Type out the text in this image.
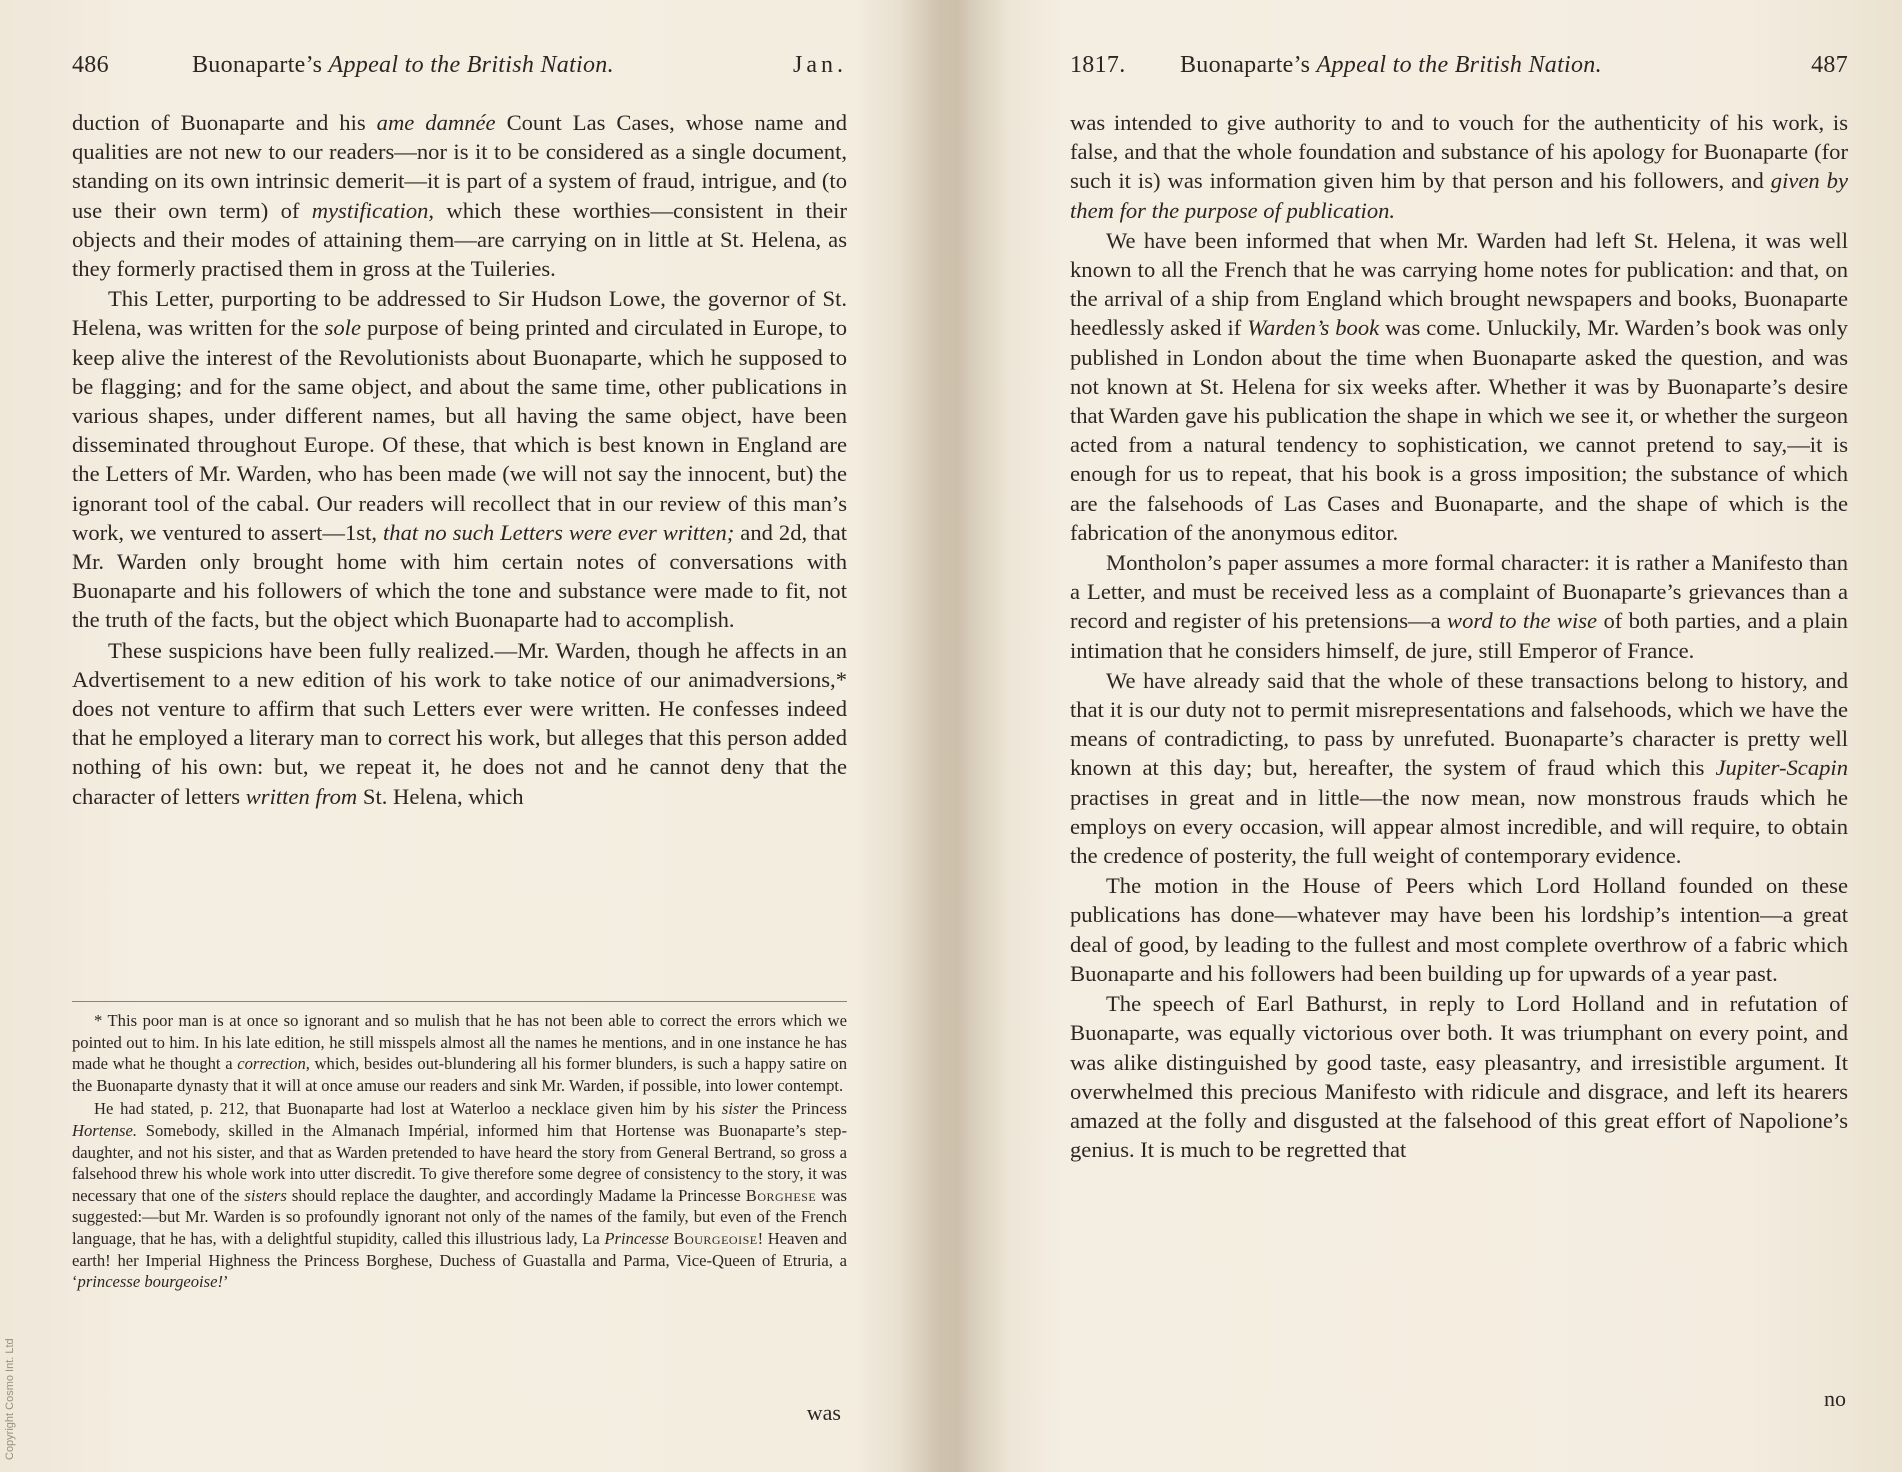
486	Buonaparte’s Appeal to the British Nation.	Jan.

duction of Buonaparte and his ame damnée Count Las Cases, whose name and qualities are not new to our readers—nor is it to be considered as a single document, standing on its own intrinsic demerit—it is part of a system of fraud, intrigue, and (to use their own term) of mystification, which these worthies—consistent in their objects and their modes of attaining them—are carrying on in little at St. Helena, as they formerly practised them in gross at the Tuileries.

This Letter, purporting to be addressed to Sir Hudson Lowe, the governor of St. Helena, was written for the sole purpose of being printed and circulated in Europe, to keep alive the interest of the Revolutionists about Buonaparte, which he supposed to be flagging; and for the same object, and about the same time, other publications in various shapes, under different names, but all having the same object, have been disseminated throughout Europe. Of these, that which is best known in England are the Letters of Mr. Warden, who has been made (we will not say the innocent, but) the ignorant tool of the cabal. Our readers will recollect that in our review of this man’s work, we ventured to assert—1st, that no such Letters were ever written; and 2d, that Mr. Warden only brought home with him certain notes of conversations with Buonaparte and his followers of which the tone and substance were made to fit, not the truth of the facts, but the object which Buonaparte had to accomplish.

These suspicions have been fully realized.—Mr. Warden, though he affects in an Advertisement to a new edition of his work to take notice of our animadversions,* does not venture to affirm that such Letters ever were written. He confesses indeed that he employed a literary man to correct his work, but alleges that this person added nothing of his own: but, we repeat it, he does not and he cannot deny that the character of letters written from St. Helena, which

* This poor man is at once so ignorant and so mulish that he has not been able to correct the errors which we pointed out to him. In his late edition, he still misspels almost all the names he mentions, and in one instance he has made what he thought a correction, which, besides out-blundering all his former blunders, is such a happy satire on the Buonaparte dynasty that it will at once amuse our readers and sink Mr. Warden, if possible, into lower contempt.

He had stated, p. 212, that Buonaparte had lost at Waterloo a necklace given him by his sister the Princess Hortense. Somebody, skilled in the Almanach Impérial, informed him that Hortense was Buonaparte’s step-daughter, and not his sister, and that as Warden pretended to have heard the story from General Bertrand, so gross a falsehood threw his whole work into utter discredit. To give therefore some degree of consistency to the story, it was necessary that one of the sisters should replace the daughter, and accordingly Madame la Princesse Borghese was suggested:—but Mr. Warden is so profoundly ignorant not only of the names of the family, but even of the French language, that he has, with a delightful stupidity, called this illustrious lady, La Princesse Bourgeoise! Heaven and earth! her Imperial Highness the Princess Borghese, Duchess of Guastalla and Parma, Vice-Queen of Etruria, a ‘princesse bourgeoise!’

was
1817. Buonaparte’s Appeal to the British Nation.	487

was intended to give authority to and to vouch for the authenticity of his work, is false, and that the whole foundation and substance of his apology for Buonaparte (for such it is) was information given him by that person and his followers, and given by them for the purpose of publication.

We have been informed that when Mr. Warden had left St. Helena, it was well known to all the French that he was carrying home notes for publication: and that, on the arrival of a ship from England which brought newspapers and books, Buonaparte heedlessly asked if Warden’s book was come. Unluckily, Mr. Warden’s book was only published in London about the time when Buonaparte asked the question, and was not known at St. Helena for six weeks after. Whether it was by Buonaparte’s desire that Warden gave his publication the shape in which we see it, or whether the surgeon acted from a natural tendency to sophistication, we cannot pretend to say,—it is enough for us to repeat, that his book is a gross imposition; the substance of which are the falsehoods of Las Cases and Buonaparte, and the shape of which is the fabrication of the anonymous editor.

Montholon’s paper assumes a more formal character: it is rather a Manifesto than a Letter, and must be received less as a complaint of Buonaparte’s grievances than a record and register of his pretensions—a word to the wise of both parties, and a plain intimation that he considers himself, de jure, still Emperor of France.

We have already said that the whole of these transactions belong to history, and that it is our duty not to permit misrepresentations and falsehoods, which we have the means of contradicting, to pass by unrefuted. Buonaparte’s character is pretty well known at this day; but, hereafter, the system of fraud which this Jupiter-Scapin practises in great and in little—the now mean, now monstrous frauds which he employs on every occasion, will appear almost incredible, and will require, to obtain the credence of posterity, the full weight of contemporary evidence.

The motion in the House of Peers which Lord Holland founded on these publications has done—whatever may have been his lordship’s intention—a great deal of good, by leading to the fullest and most complete overthrow of a fabric which Buonaparte and his followers had been building up for upwards of a year past.

The speech of Earl Bathurst, in reply to Lord Holland and in refutation of Buonaparte, was equally victorious over both. It was triumphant on every point, and was alike distinguished by good taste, easy pleasantry, and irresistible argument. It overwhelmed this precious Manifesto with ridicule and disgrace, and left its hearers amazed at the folly and disgusted at the falsehood of this great effort of Napolione’s genius. It is much to be regretted that

no
Copyright Cosmo Int. Ltd
